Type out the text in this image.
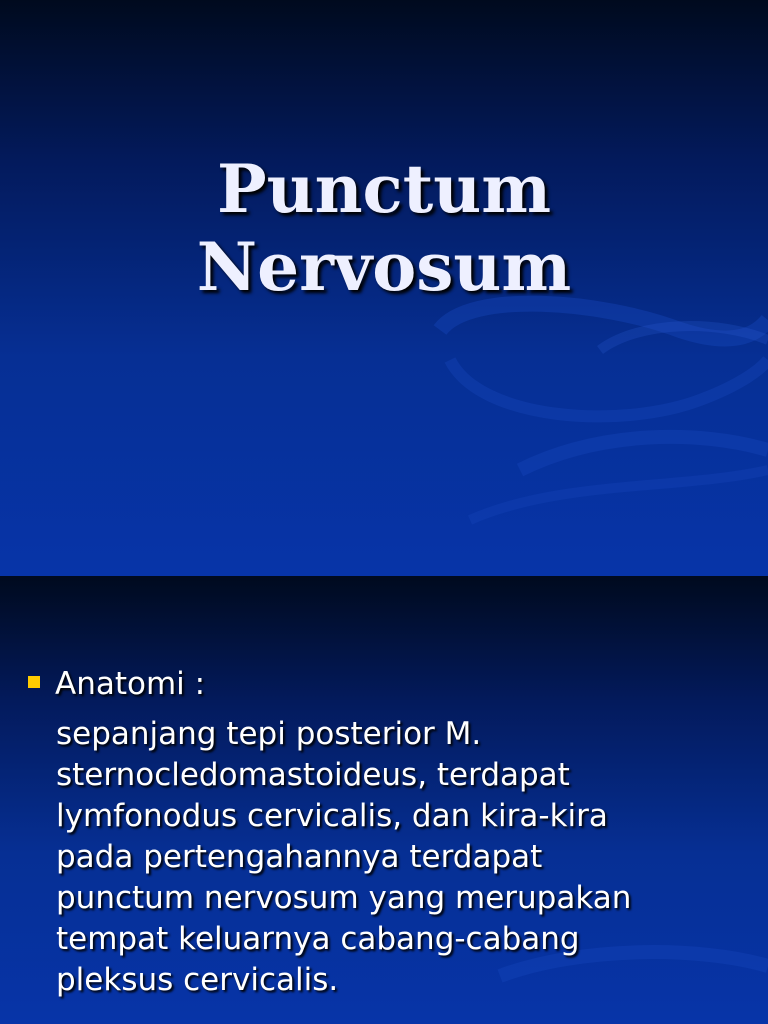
Punctum
Nervosum
Anatomi :

sepanjang tepi posterior M.
sternocledomastoideus, terdapat
lymfonodus cervicalis, dan kira-kira
pada pertengahannya terdapat
punctum nervosum yang merupakan
tempat keluarnya cabang-cabang
pleksus cervicalis.
